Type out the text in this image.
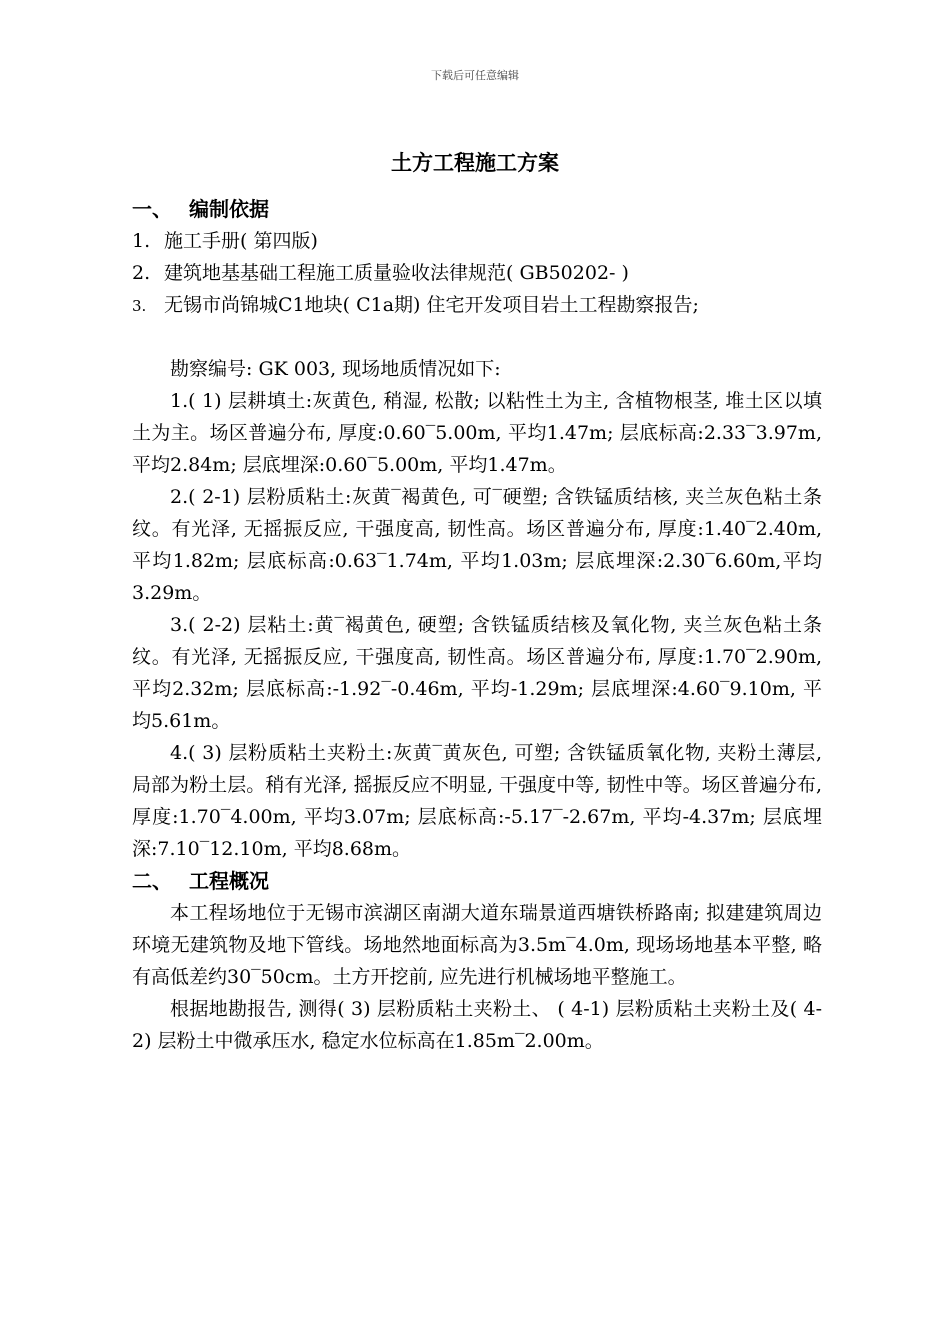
下载后可任意编辑
土方工程施工方案
一、 编制依据
1. 施工手册( 第四版)
2. 建筑地基基础工程施工质量验收法律规范( GB50202- )
3. 无锡市尚锦城C1地块( C1a期) 住宅开发项目岩土工程勘察报告;

勘察编号: GK 003, 现场地质情况如下:

1.( 1) 层耕填土:灰黄色, 稍湿, 松散; 以粘性土为主, 含植物根茎, 堆土区以填土为主。场区普遍分布, 厚度:0.60‾5.00m, 平均1.47m; 层底标高:2.33‾3.97m, 平均2.84m; 层底埋深:0.60‾5.00m, 平均1.47m。

2.( 2-1) 层粉质粘土:灰黄‾褐黄色, 可‾硬塑; 含铁锰质结核, 夹兰灰色粘土条纹。有光泽, 无摇振反应, 干强度高, 韧性高。场区普遍分布, 厚度:1.40‾2.40m, 平均1.82m; 层底标高:0.63‾1.74m, 平均1.03m; 层底埋深:2.30‾6.60m,平均3.29m。

3.( 2-2) 层粘土:黄‾褐黄色, 硬塑; 含铁锰质结核及氧化物, 夹兰灰色粘土条纹。有光泽, 无摇振反应, 干强度高, 韧性高。场区普遍分布, 厚度:1.70‾2.90m, 平均2.32m; 层底标高:-1.92‾-0.46m, 平均-1.29m; 层底埋深:4.60‾9.10m, 平均5.61m。

4.( 3) 层粉质粘土夹粉土:灰黄‾黄灰色, 可塑; 含铁锰质氧化物, 夹粉土薄层, 局部为粉土层。稍有光泽, 摇振反应不明显, 干强度中等, 韧性中等。场区普遍分布, 厚度:1.70‾4.00m, 平均3.07m; 层底标高:-5.17‾-2.67m, 平均-4.37m; 层底埋深:7.10‾12.10m, 平均8.68m。

二、 工程概况

本工程场地位于无锡市滨湖区南湖大道东瑞景道西塘铁桥路南; 拟建建筑周边环境无建筑物及地下管线。场地然地面标高为3.5m‾4.0m, 现场场地基本平整, 略有高低差约30‾50cm。土方开挖前, 应先进行机械场地平整施工。

根据地勘报告, 测得( 3) 层粉质粘土夹粉土、 ( 4-1) 层粉质粘土夹粉土及( 4-2) 层粉土中微承压水, 稳定水位标高在1.85m‾2.00m。
